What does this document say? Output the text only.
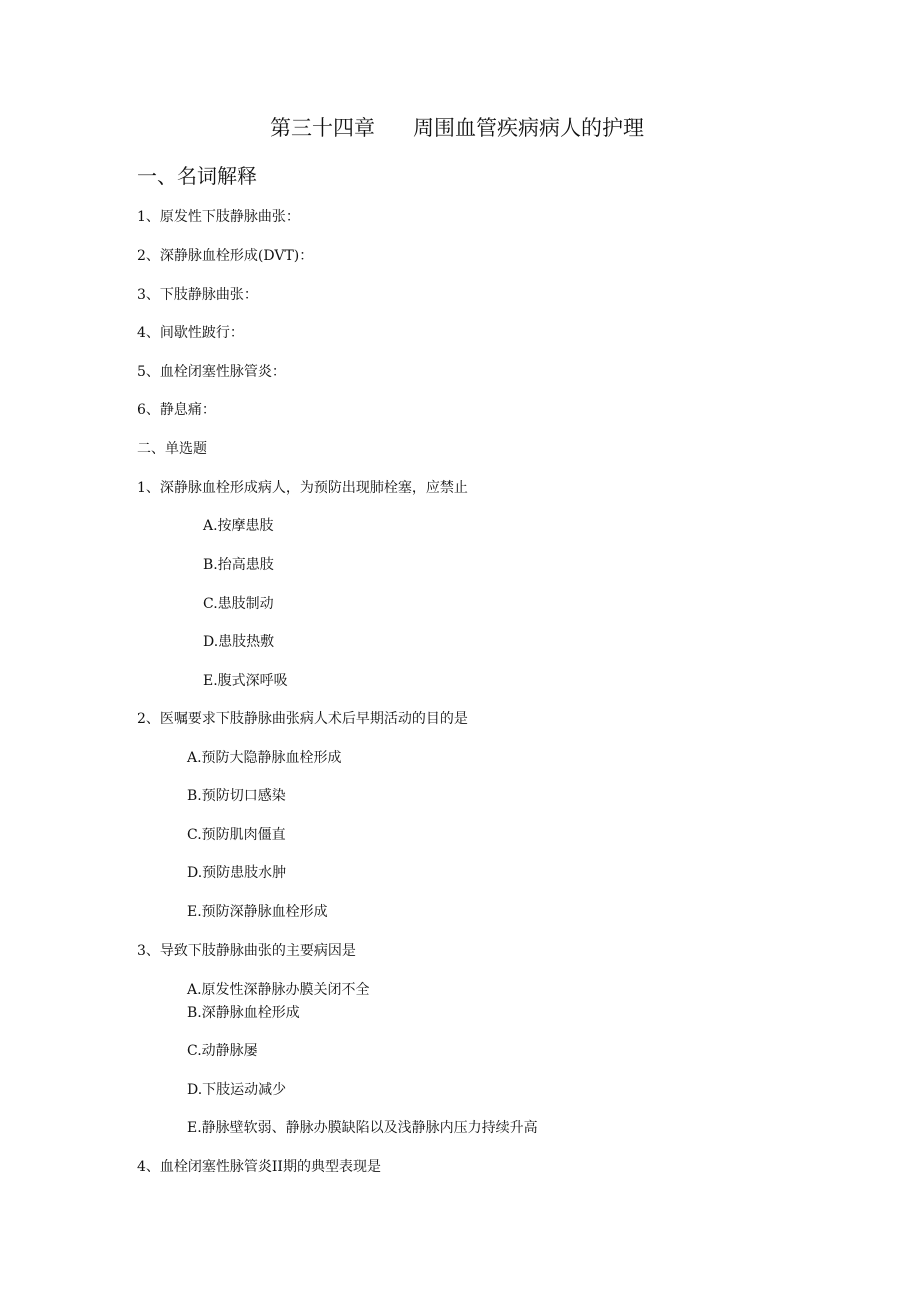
第三十四章 周围血管疾病病人的护理
一、名词解释
1、原发性下肢静脉曲张：
2、深静脉血栓形成(DVT)：
3、下肢静脉曲张：
4、间歇性跛行：
5、血栓闭塞性脉管炎：
6、静息痛：
二、单选题
1、深静脉血栓形成病人，为预防出现肺栓塞，应禁止
A.按摩患肢
B.抬高患肢
C.患肢制动
D.患肢热敷
E.腹式深呼吸
2、医嘱要求下肢静脉曲张病人术后早期活动的目的是
A.预防大隐静脉血栓形成
B.预防切口感染
C.预防肌肉僵直
D.预防患肢水肿
E.预防深静脉血栓形成
3、导致下肢静脉曲张的主要病因是
A.原发性深静脉办膜关闭不全
B.深静脉血栓形成
C.动静脉屡
D.下肢运动减少
E.静脉壁软弱、静脉办膜缺陷以及浅静脉内压力持续升高
4、血栓闭塞性脉管炎II期的典型表现是
